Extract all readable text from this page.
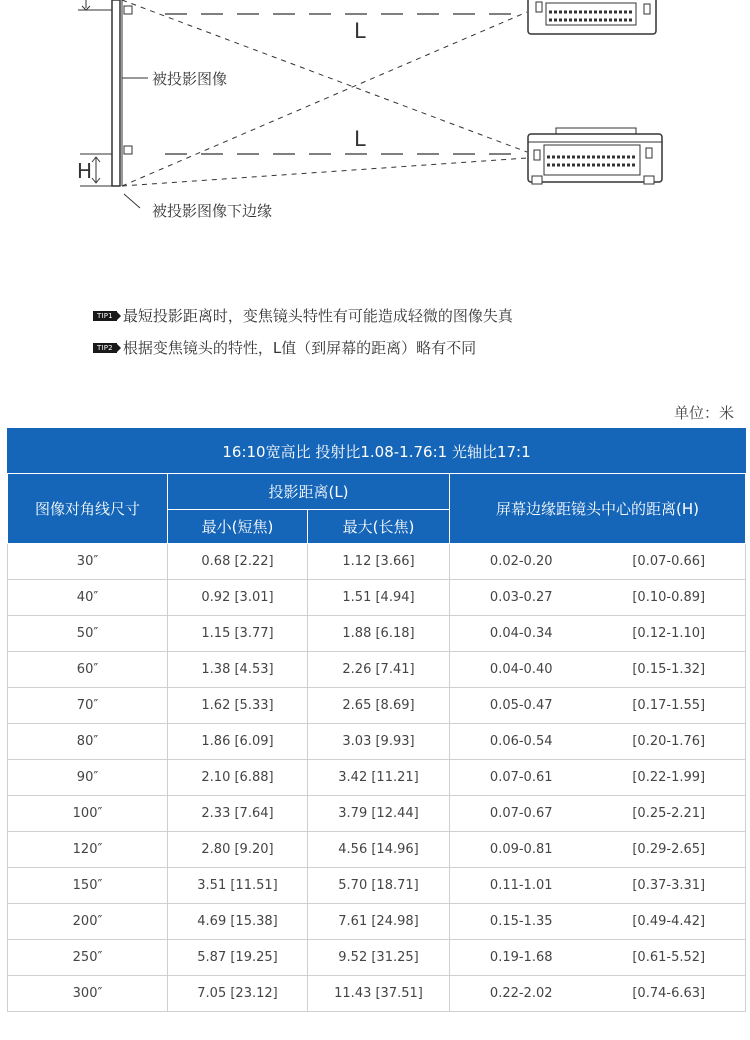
被投影图像
H
被投影图像下边缘
L
L
TIP1 最短投影距离时，变焦镜头特性有可能造成轻微的图像失真
TIP2 根据变焦镜头的特性，L值（到屏幕的距离）略有不同
单位：米
16:10宽高比 投射比1.08-1.76:1 光轴比17:1			
图像对角线尺寸	投影距离(L)		屏幕边缘距镜头中心的距离(H)
	最小(短焦)	最大(长焦)	
30″	0.68 [2.22]	1.12 [3.66]	0.02-0.20 [0.07-0.66]

40″	0.92 [3.01]	1.51 [4.94]	0.03-0.27 [0.10-0.89]

50″	1.15 [3.77]	1.88 [6.18]	0.04-0.34 [0.12-1.10]

60″	1.38 [4.53]	2.26 [7.41]	0.04-0.40 [0.15-1.32]

70″	1.62 [5.33]	2.65 [8.69]	0.05-0.47 [0.17-1.55]

80″	1.86 [6.09]	3.03 [9.93]	0.06-0.54 [0.20-1.76]

90″	2.10 [6.88]	3.42 [11.21]	0.07-0.61 [0.22-1.99]

100″	2.33 [7.64]	3.79 [12.44]	0.07-0.67 [0.25-2.21]

120″	2.80 [9.20]	4.56 [14.96]	0.09-0.81 [0.29-2.65]

150″	3.51 [11.51]	5.70 [18.71]	0.11-1.01 [0.37-3.31]

200″	4.69 [15.38]	7.61 [24.98]	0.15-1.35 [0.49-4.42]

250″	5.87 [19.25]	9.52 [31.25]	0.19-1.68 [0.61-5.52]

300″	7.05 [23.12]	11.43 [37.51]	0.22-2.02 [0.74-6.63]
